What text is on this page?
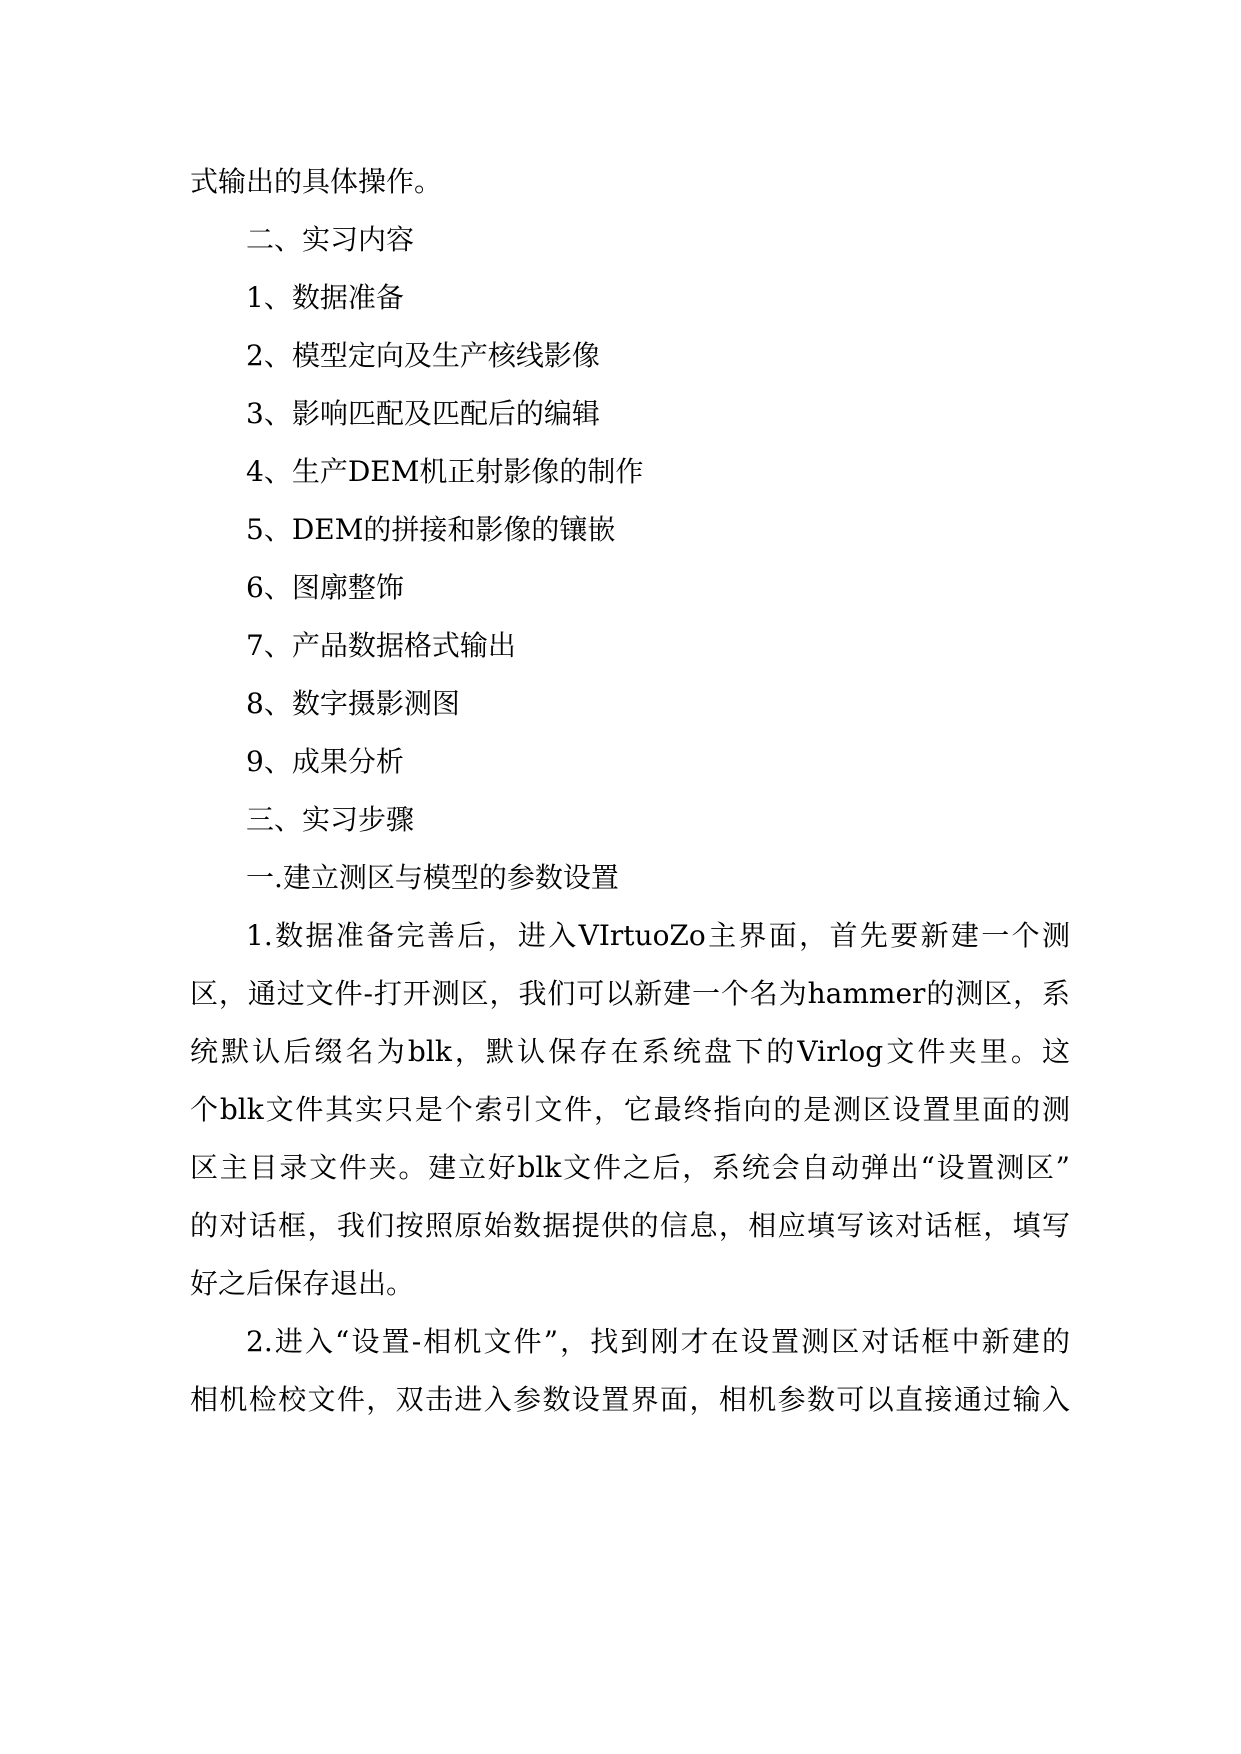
式输出的具体操作。
二、实习内容
1、数据准备
2、模型定向及生产核线影像
3、影响匹配及匹配后的编辑
4、生产DEM机正射影像的制作
5、DEM的拼接和影像的镶嵌
6、图廓整饰
7、产品数据格式输出
8、数字摄影测图
9、成果分析
三、实习步骤
一.建立测区与模型的参数设置
1.数据准备完善后，进入VIrtuoZo主界面，首先要新建一个测
区，通过文件-打开测区，我们可以新建一个名为hammer的测区，系
统默认后缀名为blk，默认保存在系统盘下的Virlog文件夹里。这
个blk文件其实只是个索引文件，它最终指向的是测区设置里面的测
区主目录文件夹。建立好blk文件之后，系统会自动弹出“设置测区”
的对话框，我们按照原始数据提供的信息，相应填写该对话框，填写
好之后保存退出。
2.进入“设置-相机文件”，找到刚才在设置测区对话框中新建的
相机检校文件，双击进入参数设置界面，相机参数可以直接通过输入
